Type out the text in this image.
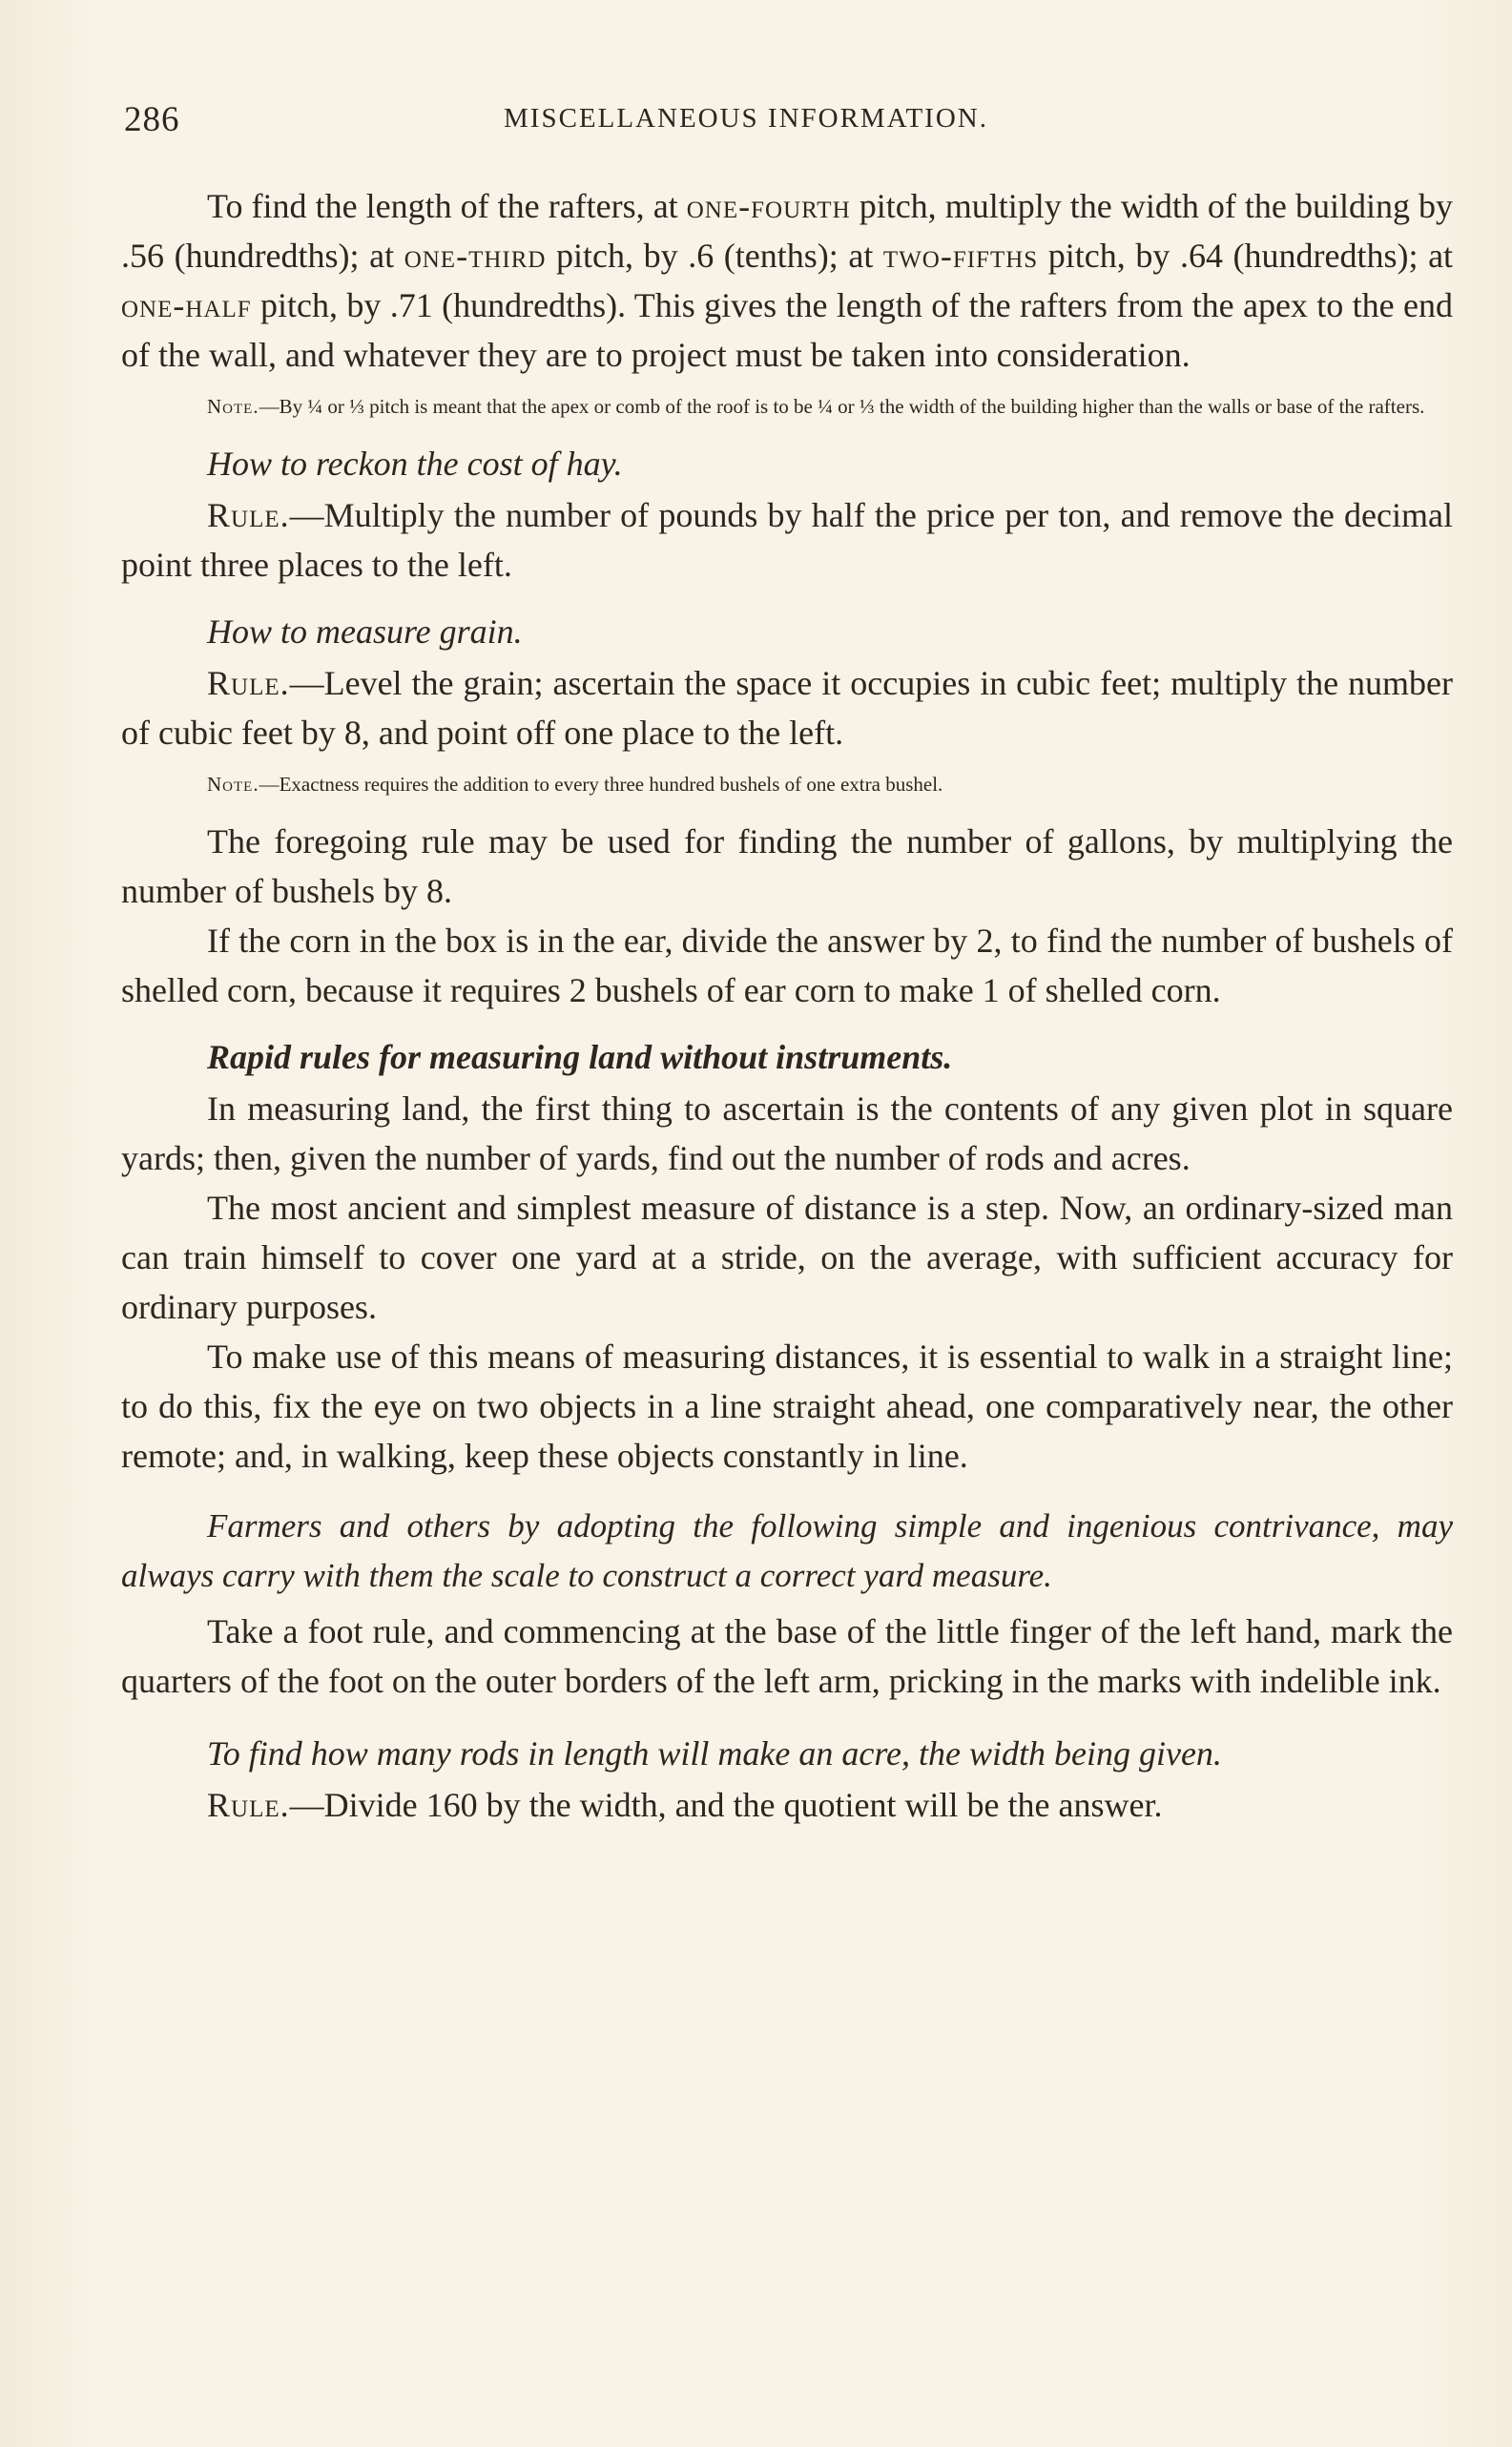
286	MISCELLANEOUS INFORMATION.

To find the length of the rafters, at one-fourth pitch, multiply the width of the building by .56 (hundredths); at one-third pitch, by .6 (tenths); at two-fifths pitch, by .64 (hundredths); at one-half pitch, by .71 (hundredths). This gives the length of the rafters from the apex to the end of the wall, and whatever they are to project must be taken into consideration.

Note.—By ¼ or ⅓ pitch is meant that the apex or comb of the roof is to be ¼ or ⅓ the width of the building higher than the walls or base of the rafters.

How to reckon the cost of hay.

Rule.—Multiply the number of pounds by half the price per ton, and remove the decimal point three places to the left.

How to measure grain.

Rule.—Level the grain; ascertain the space it occupies in cubic feet; multiply the number of cubic feet by 8, and point off one place to the left.

Note.—Exactness requires the addition to every three hundred bushels of one extra bushel.

The foregoing rule may be used for finding the number of gallons, by multiplying the number of bushels by 8.

If the corn in the box is in the ear, divide the answer by 2, to find the number of bushels of shelled corn, because it requires 2 bushels of ear corn to make 1 of shelled corn.

Rapid rules for measuring land without instruments.

In measuring land, the first thing to ascertain is the contents of any given plot in square yards; then, given the number of yards, find out the number of rods and acres.

The most ancient and simplest measure of distance is a step. Now, an ordinary-sized man can train himself to cover one yard at a stride, on the average, with sufficient accuracy for ordinary purposes.

To make use of this means of measuring distances, it is essential to walk in a straight line; to do this, fix the eye on two objects in a line straight ahead, one comparatively near, the other remote; and, in walking, keep these objects constantly in line.

Farmers and others by adopting the following simple and ingenious contrivance, may always carry with them the scale to construct a correct yard measure.

Take a foot rule, and commencing at the base of the little finger of the left hand, mark the quarters of the foot on the outer borders of the left arm, pricking in the marks with indelible ink.

To find how many rods in length will make an acre, the width being given.

Rule.—Divide 160 by the width, and the quotient will be the answer.
